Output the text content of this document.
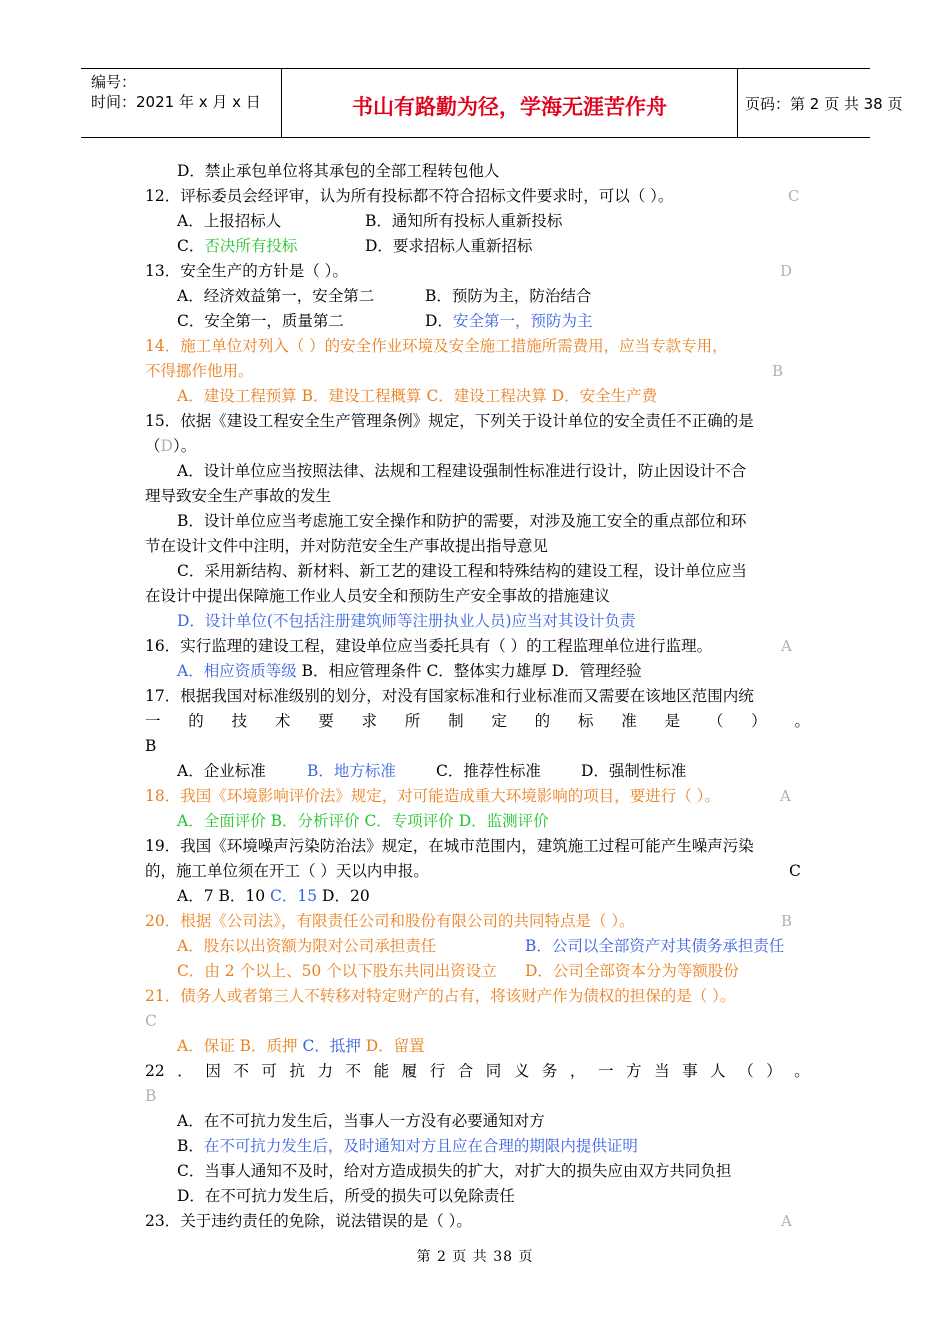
编号：
时间：2021 年 x 月 x 日	书山有路勤为径，学海无涯苦作舟	页码：第 2 页 共 38 页
D．禁止承包单位将其承包的全部工程转包他人
12．评标委员会经评审，认为所有投标都不符合招标文件要求时，可以（ ）。	C
A．上报招标人	B．通知所有投标人重新投标
C．否决所有投标	D．要求招标人重新招标
13．安全生产的方针是（ ）。	D
A．经济效益第一，安全第二	B．预防为主，防治结合
C．安全第一，质量第二	D．安全第一，预防为主
14．施工单位对列入（ ）的安全作业环境及安全施工措施所需费用，应当专款专用，
不得挪作他用。	B
A．建设工程预算 B．建设工程概算 C．建设工程决算 D．安全生产费
15．依据《建设工程安全生产管理条例》规定，下列关于设计单位的安全责任不正确的是
（D）。
A．设计单位应当按照法律、法规和工程建设强制性标准进行设计，防止因设计不合
理导致安全生产事故的发生
B．设计单位应当考虑施工安全操作和防护的需要，对涉及施工安全的重点部位和环
节在设计文件中注明，并对防范安全生产事故提出指导意见
C．采用新结构、新材料、新工艺的建设工程和特殊结构的建设工程，设计单位应当
在设计中提出保障施工作业人员安全和预防生产安全事故的措施建议
D．设计单位(不包括注册建筑师等注册执业人员)应当对其设计负责
16．实行监理的建设工程，建设单位应当委托具有（ ）的工程监理单位进行监理。	A
A．相应资质等级 B．相应管理条件 C．整体实力雄厚 D．管理经验
17．根据我国对标准级别的划分，对没有国家标准和行业标准而又需要在该地区范围内统
一 的 技 术 要 求 所 制 定 的 标 准 是 （ ） 。
B
A．企业标准	B．地方标准	C．推荐性标准	D．强制性标准
18．我国《环境影响评价法》规定，对可能造成重大环境影响的项目，要进行（ ）。	A
A．全面评价 B．分析评价 C．专项评价 D．监测评价
19．我国《环境噪声污染防治法》规定，在城市范围内，建筑施工过程可能产生噪声污染
的，施工单位须在开工（ ）天以内申报。	C
A．7 B．10 C．15 D．20
20．根据《公司法》，有限责任公司和股份有限公司的共同特点是（ ）。	B
A．股东以出资额为限对公司承担责任	B．公司以全部资产对其债务承担责任
C．由 2 个以上、50 个以下股东共同出资设立 D．公司全部资本分为等额股份
21．债务人或者第三人不转移对特定财产的占有，将该财产作为债权的担保的是（ ）。
C
A．保证 B．质押 C．抵押 D．留置
22 ． 因 不 可 抗 力 不 能 履 行 合 同 义 务 ， 一 方 当 事 人 （ ） 。
B
A．在不可抗力发生后，当事人一方没有必要通知对方
B．在不可抗力发生后，及时通知对方且应在合理的期限内提供证明
C．当事人通知不及时，给对方造成损失的扩大，对扩大的损失应由双方共同负担
D．在不可抗力发生后，所受的损失可以免除责任
23．关于违约责任的免除，说法错误的是（ ）。	A
第 2 页 共 38 页
